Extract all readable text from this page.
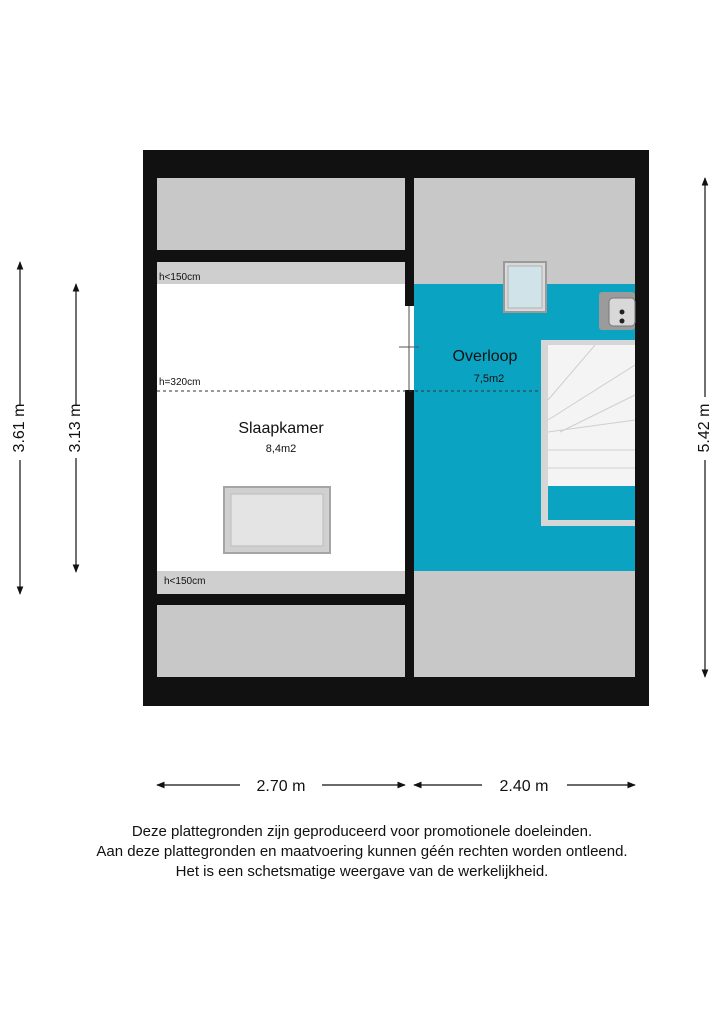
Slaapkamer
8,4m2
Overloop
7,5m2
h<150cm
h=320cm
h<150cm
3.61 m 3.13 m	5.42 m
2.70 m	2.40 m
Deze plattegronden zijn geproduceerd voor promotionele doeleinden.
Aan deze plattegronden en maatvoering kunnen géén rechten worden ontleend.
Het is een schetsmatige weergave van de werkelijkheid.
